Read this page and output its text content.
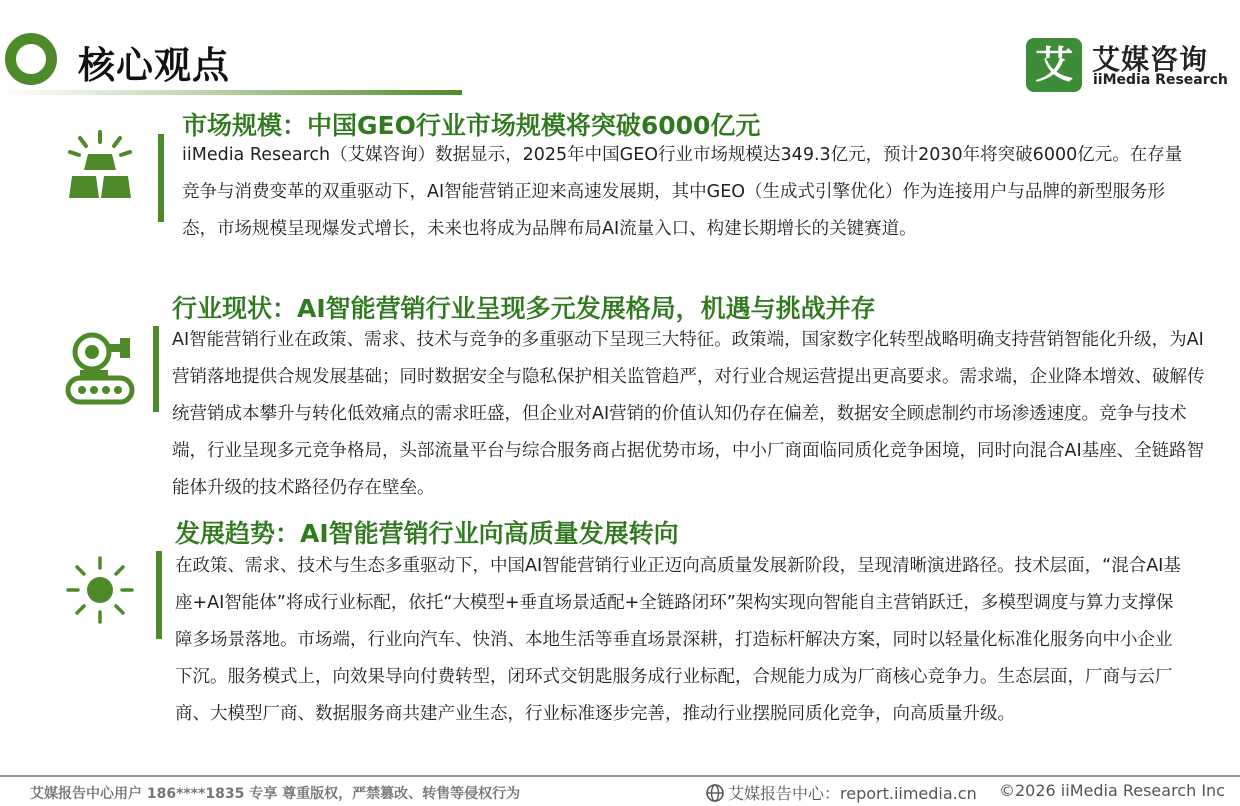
核心观点	艾 艾媒咨询
iiMedia Research
市场规模：中国GEO行业市场规模将突破6000亿元

iiMedia Research（艾媒咨询）数据显示，2025年中国GEO行业市场规模达349.3亿元，预计2030年将突破6000亿元。在存量竞争与消费变革的双重驱动下，AI智能营销正迎来高速发展期，其中GEO（生成式引擎优化）作为连接用户与品牌的新型服务形态，市场规模呈现爆发式增长，未来也将成为品牌布局AI流量入口、构建长期增长的关键赛道。

行业现状：AI智能营销行业呈现多元发展格局，机遇与挑战并存

AI智能营销行业在政策、需求、技术与竞争的多重驱动下呈现三大特征。政策端，国家数字化转型战略明确支持营销智能化升级，为AI营销落地提供合规发展基础；同时数据安全与隐私保护相关监管趋严，对行业合规运营提出更高要求。需求端，企业降本增效、破解传统营销成本攀升与转化低效痛点的需求旺盛，但企业对AI营销的价值认知仍存在偏差，数据安全顾虑制约市场渗透速度。竞争与技术端，行业呈现多元竞争格局，头部流量平台与综合服务商占据优势市场，中小厂商面临同质化竞争困境，同时向混合AI基座、全链路智能体升级的技术路径仍存在壁垒。

发展趋势：AI智能营销行业向高质量发展转向

在政策、需求、技术与生态多重驱动下，中国AI智能营销行业正迈向高质量发展新阶段，呈现清晰演进路径。技术层面，“混合AI基座+AI智能体”将成行业标配，依托“大模型+垂直场景适配+全链路闭环”架构实现向智能自主营销跃迁，多模型调度与算力支撑保障多场景落地。市场端，行业向汽车、快消、本地生活等垂直场景深耕，打造标杆解决方案，同时以轻量化标准化服务向中小企业下沉。服务模式上，向效果导向付费转型，闭环式交钥匙服务成行业标配，合规能力成为厂商核心竞争力。生态层面，厂商与云厂商、大模型厂商、数据服务商共建产业生态，行业标准逐步完善，推动行业摆脱同质化竞争，向高质量升级。

艾媒报告中心用户 186****1835 专享 尊重版权，严禁篡改、转售等侵权行为	艾媒报告中心：report.iimedia.cn ©2026 iiMedia Research Inc
